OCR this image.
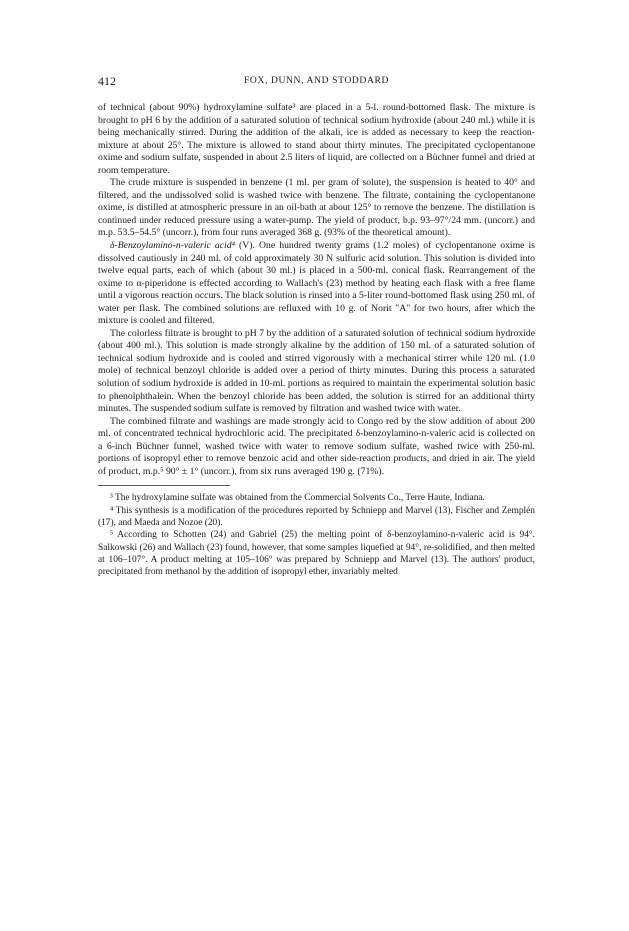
412	FOX, DUNN, AND STODDARD

of technical (about 90%) hydroxylamine sulfate³ are placed in a 5-l. round-bottomed flask. The mixture is brought to pH 6 by the addition of a saturated solution of technical sodium hydroxide (about 240 ml.) while it is being mechanically stirred. During the addition of the alkali, ice is added as necessary to keep the reaction-mixture at about 25°. The mixture is allowed to stand about thirty minutes. The precipitated cyclopentanone oxime and sodium sulfate, suspended in about 2.5 liters of liquid, are collected on a Büchner funnel and dried at room temperature.

The crude mixture is suspended in benzene (1 ml. per gram of solute), the suspension is heated to 40° and filtered, and the undissolved solid is washed twice with benzene. The filtrate, containing the cyclopentanone oxime, is distilled at atmospheric pressure in an oil-bath at about 125° to remove the benzene. The distillation is continued under reduced pressure using a water-pump. The yield of product, b.p. 93–97°/24 mm. (uncorr.) and m.p. 53.5–54.5° (uncorr.), from four runs averaged 368 g. (93% of the theoretical amount).

δ-Benzoylamino-n-valeric acid⁴ (V). One hundred twenty grams (1.2 moles) of cyclopentanone oxime is dissolved cautiously in 240 ml. of cold approximately 30 N sulfuric acid solution. This solution is divided into twelve equal parts, each of which (about 30 ml.) is placed in a 500-ml. conical flask. Rearrangement of the oxime to α-piperidone is effected according to Wallach's (23) method by heating each flask with a free flame until a vigorous reaction occurs. The black solution is rinsed into a 5-liter round-bottomed flask using 250 ml. of water per flask. The combined solutions are refluxed with 10 g. of Norit "A" for two hours, after which the mixture is cooled and filtered.

The colorless filtrate is brought to pH 7 by the addition of a saturated solution of technical sodium hydroxide (about 400 ml.). This solution is made strongly alkaline by the addition of 150 ml. of a saturated solution of technical sodium hydroxide and is cooled and stirred vigorously with a mechanical stirrer while 120 ml. (1.0 mole) of technical benzoyl chloride is added over a period of thirty minutes. During this process a saturated solution of sodium hydroxide is added in 10-ml. portions as required to maintain the experimental solution basic to phenolphthalein. When the benzoyl chloride has been added, the solution is stirred for an additional thirty minutes. The suspended sodium sulfate is removed by filtration and washed twice with water.

The combined filtrate and washings are made strongly acid to Congo red by the slow addition of about 200 ml. of concentrated technical hydrochloric acid. The precipitated δ-benzoylamino-n-valeric acid is collected on a 6-inch Büchner funnel, washed twice with water to remove sodium sulfate, washed twice with 250-ml. portions of isopropyl ether to remove benzoic acid and other side-reaction products, and dried in air. The yield of product, m.p.⁵ 90° ± 1° (uncorr.), from six runs averaged 190 g. (71%).

³ The hydroxylamine sulfate was obtained from the Commercial Solvents Co., Terre Haute, Indiana.

⁴ This synthesis is a modification of the procedures reported by Schniepp and Marvel (13), Fischer and Zemplén (17), and Maeda and Nozoe (20).

⁵ According to Schotten (24) and Gabriel (25) the melting point of δ-benzoylamino-n-valeric acid is 94°. Salkowski (26) and Wallach (23) found, however, that some samples liquefied at 94°, re-solidified, and then melted at 106–107°. A product melting at 105–106° was prepared by Schniepp and Marvel (13). The authors' product, precipitated from methanol by the addition of isopropyl ether, invariably melted
